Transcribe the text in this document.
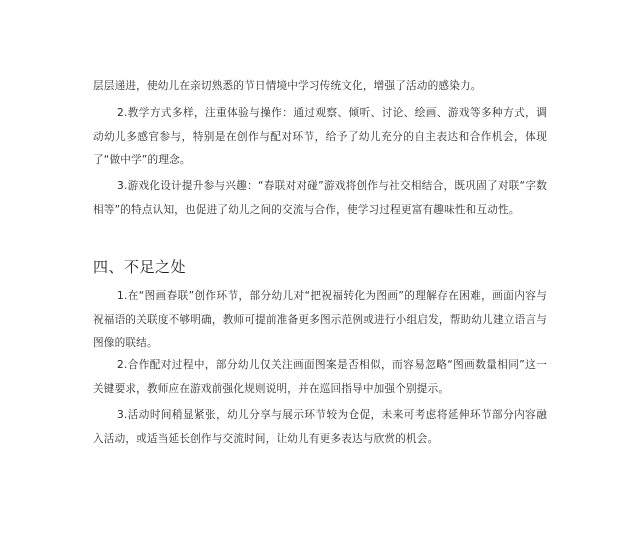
层层递进，使幼儿在亲切熟悉的节日情境中学习传统文化，增强了活动的感染力。

2.教学方式多样，注重体验与操作：通过观察、倾听、讨论、绘画、游戏等多种方式，调动幼儿多感官参与，特别是在创作与配对环节，给予了幼儿充分的自主表达和合作机会，体现了“做中学”的理念。

3.游戏化设计提升参与兴趣：“春联对对碰”游戏将创作与社交相结合，既巩固了对联“字数相等”的特点认知，也促进了幼儿之间的交流与合作，使学习过程更富有趣味性和互动性。

四、不足之处

1.在“图画春联”创作环节，部分幼儿对“把祝福转化为图画”的理解存在困难，画面内容与祝福语的关联度不够明确，教师可提前准备更多图示范例或进行小组启发，帮助幼儿建立语言与图像的联结。

2.合作配对过程中，部分幼儿仅关注画面图案是否相似，而容易忽略“图画数量相同”这一关键要求，教师应在游戏前强化规则说明，并在巡回指导中加强个别提示。

3.活动时间稍显紧张，幼儿分享与展示环节较为仓促，未来可考虑将延伸环节部分内容融入活动，或适当延长创作与交流时间，让幼儿有更多表达与欣赏的机会。
